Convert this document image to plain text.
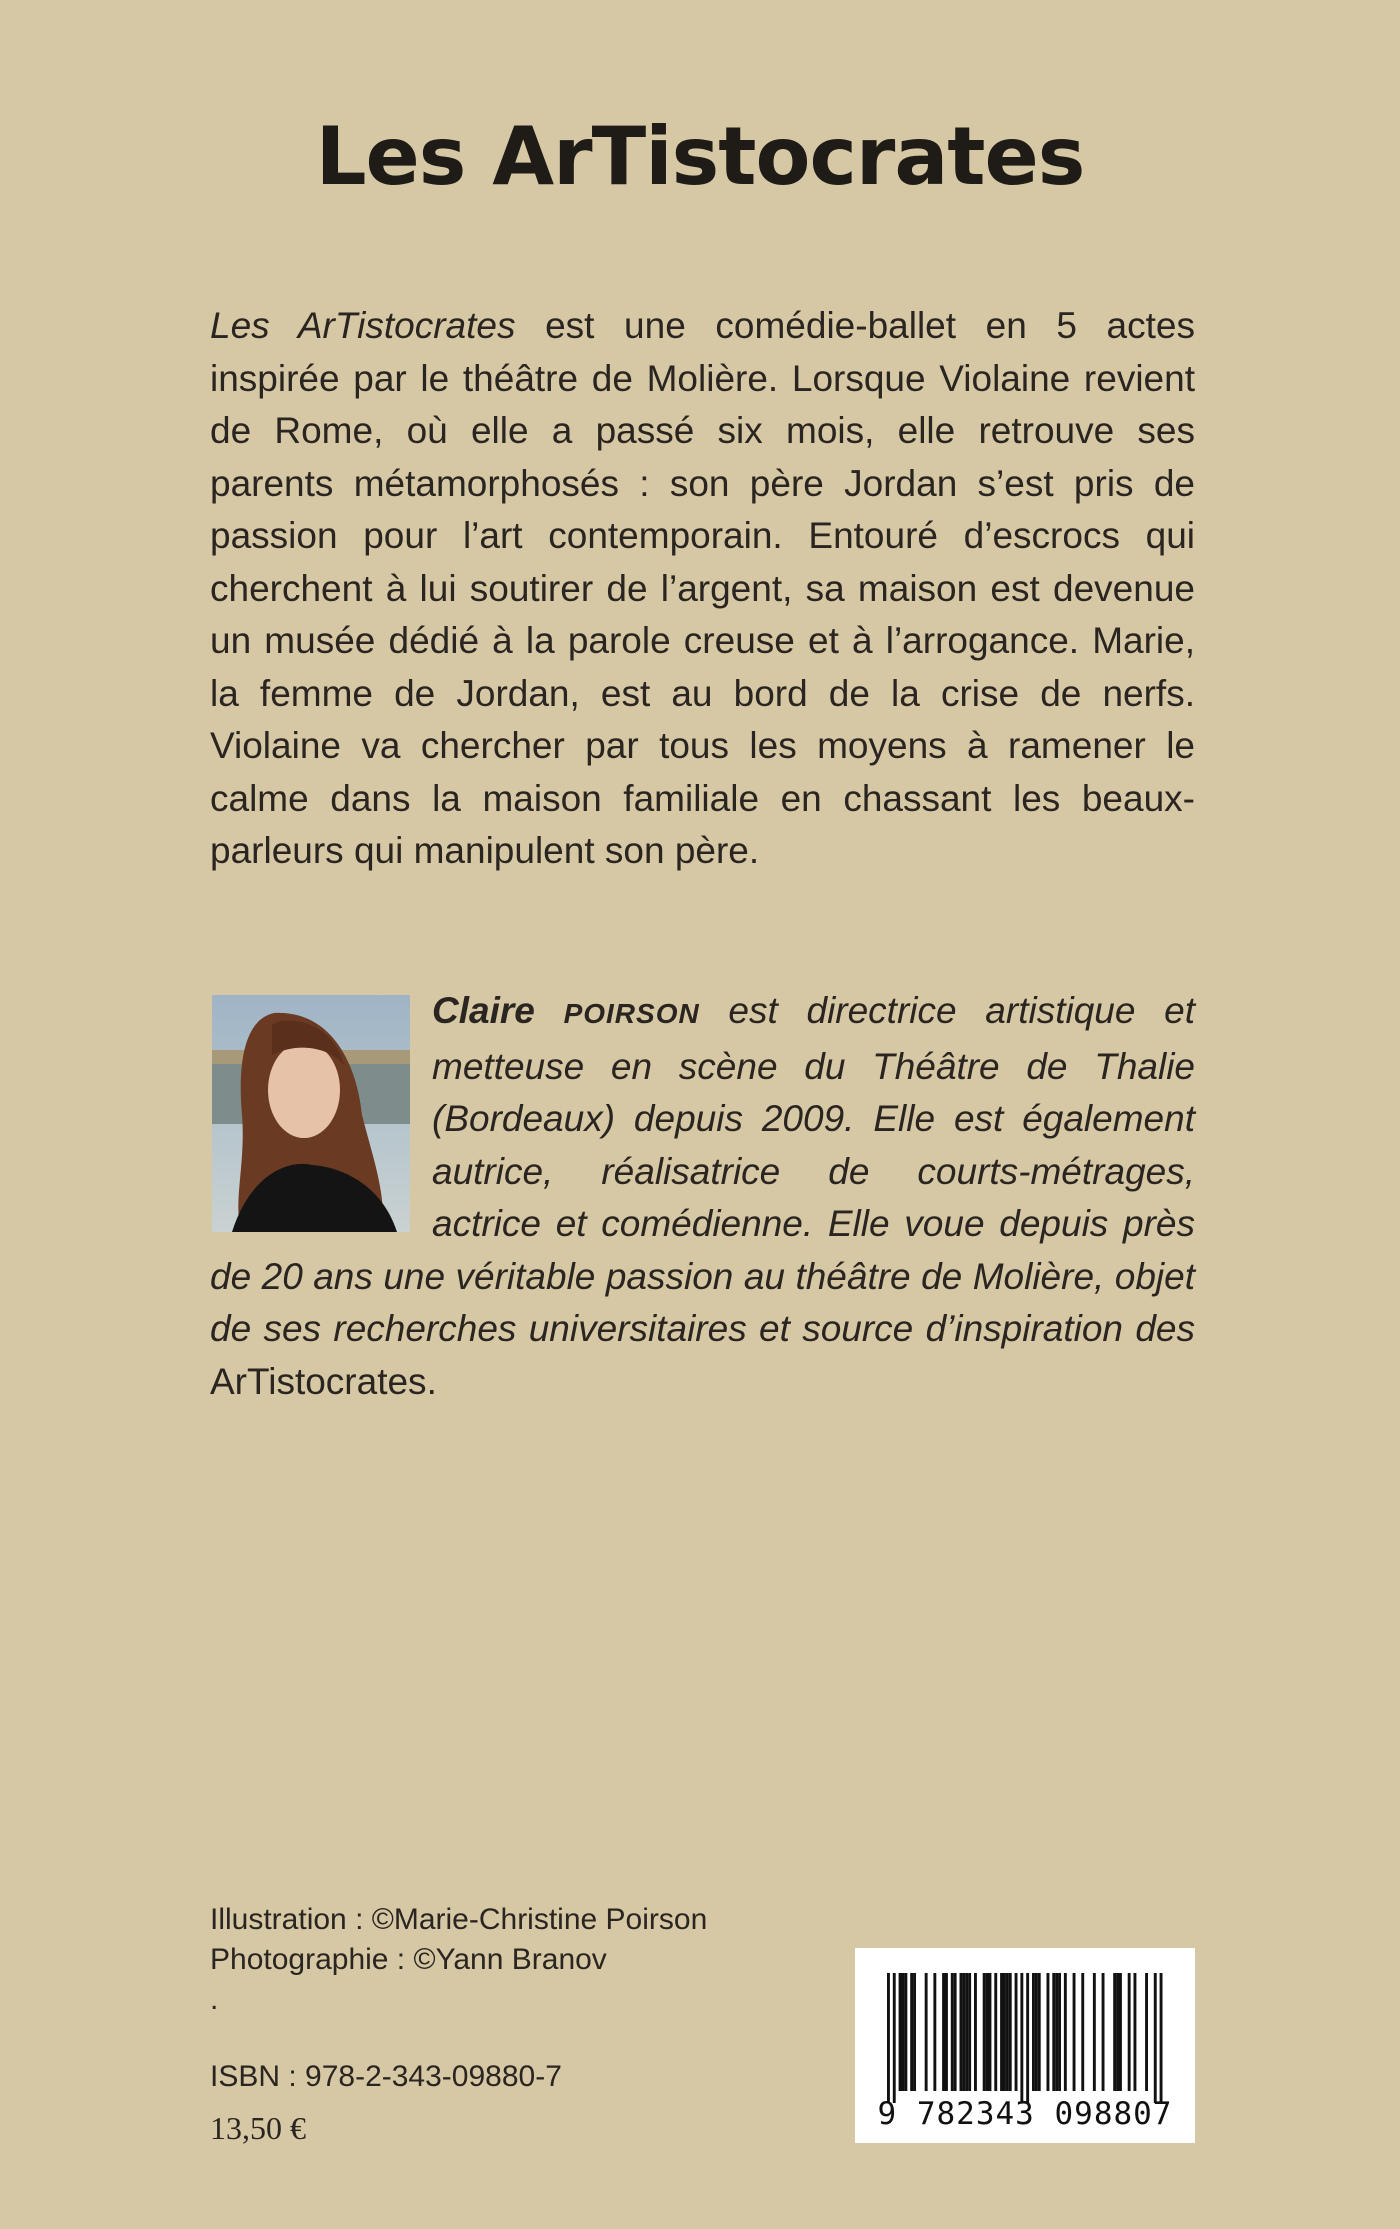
Les ArTistocrates

Les ArTistocrates est une comédie-ballet en 5 actes inspirée par le théâtre de Molière. Lorsque Violaine revient de Rome, où elle a passé six mois, elle retrouve ses parents métamorphosés : son père Jordan s’est pris de passion pour l’art contemporain. Entouré d’escrocs qui cherchent à lui soutirer de l’argent, sa maison est devenue un musée dédié à la parole creuse et à l’arrogance. Marie, la femme de Jordan, est au bord de la crise de nerfs. Violaine va chercher par tous les moyens à ramener le calme dans la maison familiale en chassant les beaux-parleurs qui manipulent son père.

Claire POIRSON est directrice artistique et metteuse en scène du Théâtre de Thalie (Bordeaux) depuis 2009. Elle est également autrice, réalisatrice de courts-métrages, actrice et comédienne. Elle voue depuis près de 20 ans une véritable passion au théâtre de Molière, objet de ses recherches universitaires et source d’inspiration des ArTistocrates.

Illustration : ©Marie-Christine Poirson
Photographie : ©Yann Branov
.
ISBN : 978-2-343-09880-7
13,50 €	9 782343 098807
